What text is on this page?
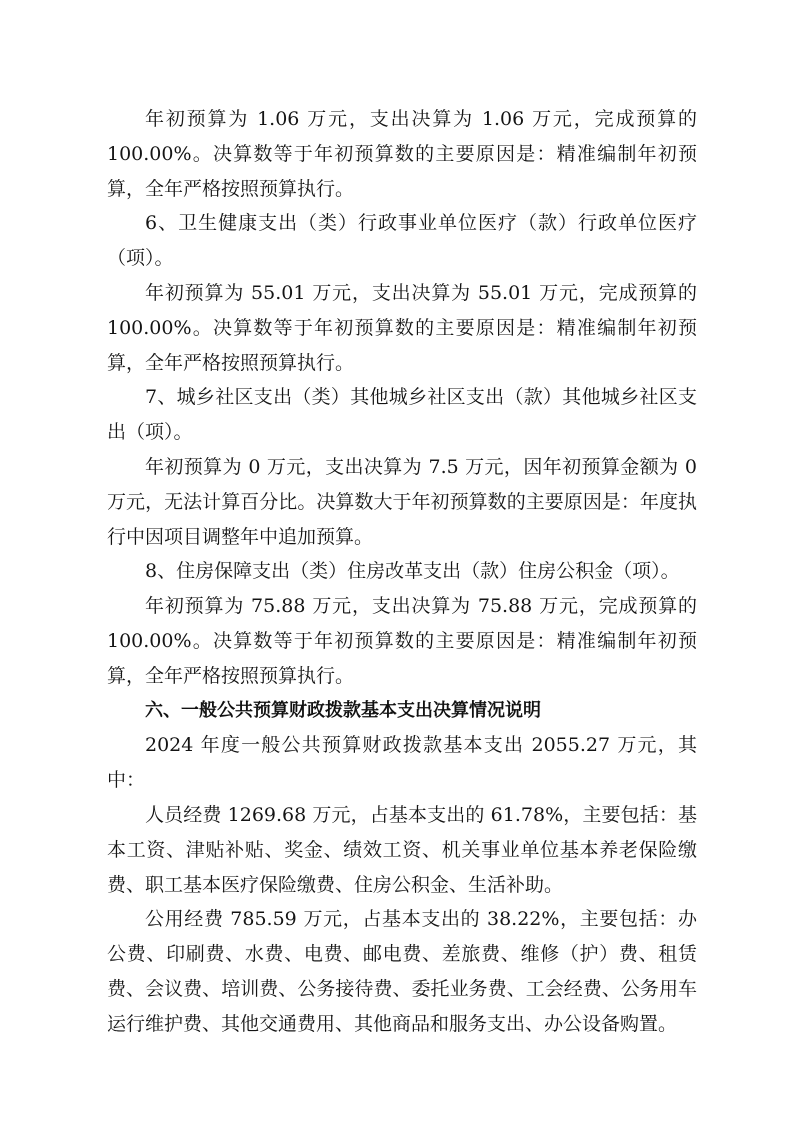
年初预算为 1.06 万元，支出决算为 1.06 万元，完成预算的 100.00%。决算数等于年初预算数的主要原因是：精准编制年初预算，全年严格按照预算执行。

6、卫生健康支出（类）行政事业单位医疗（款）行政单位医疗（项）。

年初预算为 55.01 万元，支出决算为 55.01 万元，完成预算的 100.00%。决算数等于年初预算数的主要原因是：精准编制年初预算，全年严格按照预算执行。

7、城乡社区支出（类）其他城乡社区支出（款）其他城乡社区支出（项）。

年初预算为 0 万元，支出决算为 7.5 万元，因年初预算金额为 0 万元，无法计算百分比。决算数大于年初预算数的主要原因是：年度执行中因项目调整年中追加预算。

8、住房保障支出（类）住房改革支出（款）住房公积金（项）。

年初预算为 75.88 万元，支出决算为 75.88 万元，完成预算的 100.00%。决算数等于年初预算数的主要原因是：精准编制年初预算，全年严格按照预算执行。

六、一般公共预算财政拨款基本支出决算情况说明

2024 年度一般公共预算财政拨款基本支出 2055.27 万元，其中：

人员经费 1269.68 万元，占基本支出的 61.78%，主要包括：基本工资、津贴补贴、奖金、绩效工资、机关事业单位基本养老保险缴费、职工基本医疗保险缴费、住房公积金、生活补助。

公用经费 785.59 万元，占基本支出的 38.22%，主要包括：办公费、印刷费、水费、电费、邮电费、差旅费、维修（护）费、租赁费、会议费、培训费、公务接待费、委托业务费、工会经费、公务用车运行维护费、其他交通费用、其他商品和服务支出、办公设备购置。
